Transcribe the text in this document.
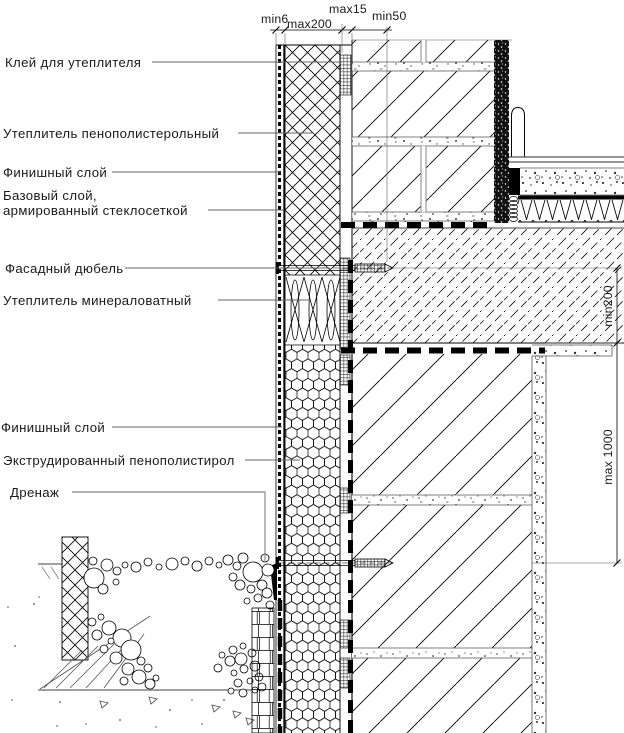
min6
max200
max15 min50
min200
max 1000
Клей для утеплителя
Утеплитель пенополистерольный
Финишный слой
Базовый слой,
армированный стеклосеткой
Фасадный дюбель
Утеплитель минераловатный
Финишный слой
Экструдированный пенополистирол
Дренаж
